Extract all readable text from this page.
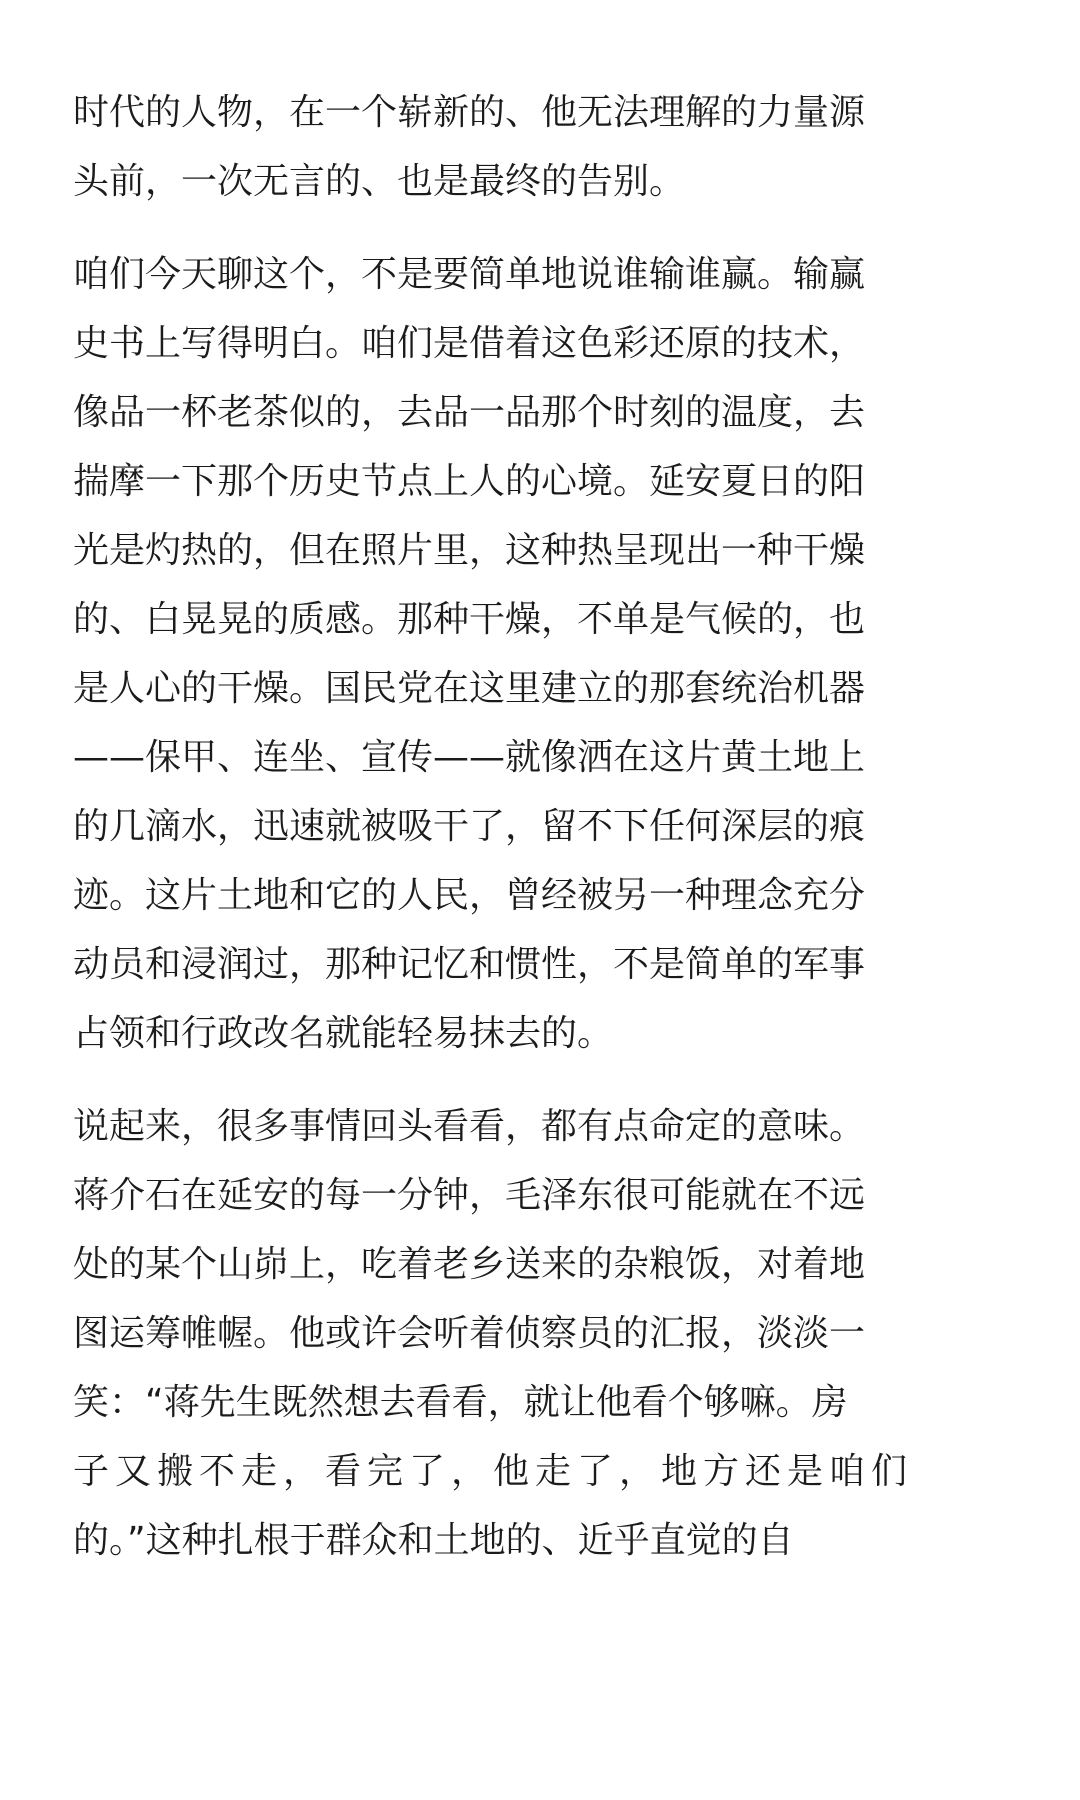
时代的人物，在一个崭新的、他无法理解的力量源
头前，一次无言的、也是最终的告别。

咱们今天聊这个，不是要简单地说谁输谁赢。输赢
史书上写得明白。咱们是借着这色彩还原的技术，
像品一杯老茶似的，去品一品那个时刻的温度，去
揣摩一下那个历史节点上人的心境。延安夏日的阳
光是灼热的，但在照片里，这种热呈现出一种干燥
的、白晃晃的质感。那种干燥，不单是气候的，也
是人心的干燥。国民党在这里建立的那套统治机器
——保甲、连坐、宣传——就像洒在这片黄土地上
的几滴水，迅速就被吸干了，留不下任何深层的痕
迹。这片土地和它的人民，曾经被另一种理念充分
动员和浸润过，那种记忆和惯性，不是简单的军事
占领和行政改名就能轻易抹去的。

说起来，很多事情回头看看，都有点命定的意味。
蒋介石在延安的每一分钟，毛泽东很可能就在不远
处的某个山峁上，吃着老乡送来的杂粮饭，对着地
图运筹帷幄。他或许会听着侦察员的汇报，淡淡一
笑：“蒋先生既然想去看看，就让他看个够嘛。房
子又搬不走，看完了，他走了，地方还是咱们
的。”这种扎根于群众和土地的、近乎直觉的自
